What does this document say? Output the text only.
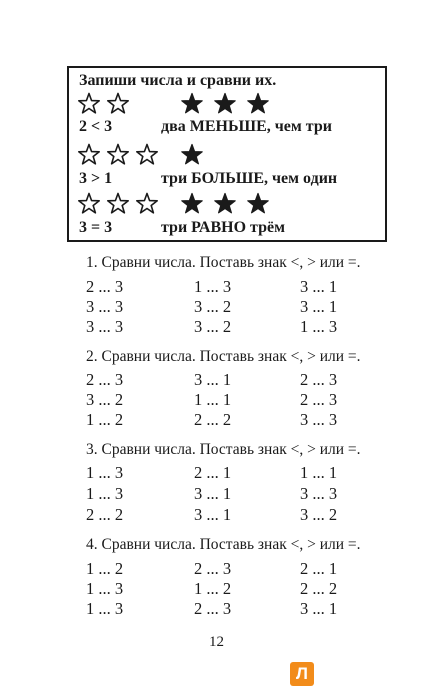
Запиши числа и сравни их.
2 < 3	два МЕНЬШЕ, чем три
3 > 1	три БОЛЬШЕ, чем один
3 = 3	три РАВНО трём
1. Сравни числа. Поставь знак <, > или =.
2 ... 3	1 ... 3	3 ... 1
3 ... 3	3 ... 2	3 ... 1
3 ... 3	3 ... 2	1 ... 3
2. Сравни числа. Поставь знак <, > или =.
2 ... 3	3 ... 1	2 ... 3
3 ... 2	1 ... 1	2 ... 3
1 ... 2	2 ... 2	3 ... 3
3. Сравни числа. Поставь знак <, > или =.
1 ... 3	2 ... 1	1 ... 1
1 ... 3	3 ... 1	3 ... 3
2 ... 2	3 ... 1	3 ... 2
4. Сравни числа. Поставь знак <, > или =.
1 ... 2	2 ... 3	2 ... 1
1 ... 3	1 ... 2	2 ... 2
1 ... 3	2 ... 3	3 ... 1
12
Л
